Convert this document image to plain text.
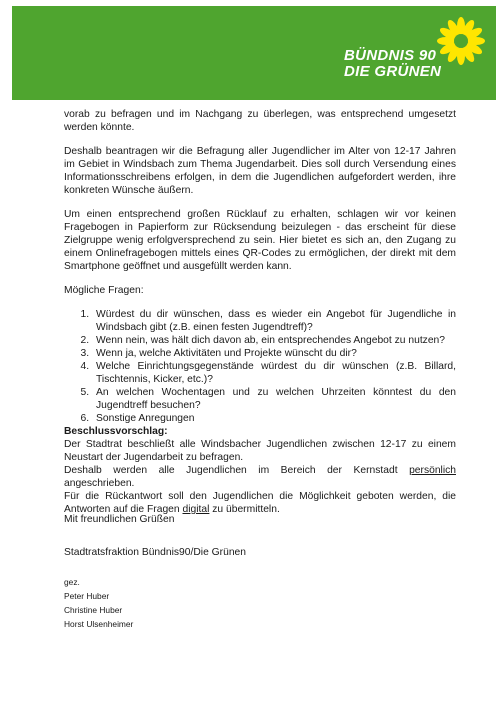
BÜNDNIS 90
DIE GRÜNEN

vorab zu befragen und im Nachgang zu überlegen, was entsprechend umgesetzt werden könnte.

Deshalb beantragen wir die Befragung aller Jugendlicher im Alter von 12-17 Jahren im Gebiet in Windsbach zum Thema Jugendarbeit. Dies soll durch Versendung eines Informationsschreibens erfolgen, in dem die Jugendlichen aufgefordert werden, ihre konkreten Wünsche äußern.

Um einen entsprechend großen Rücklauf zu erhalten, schlagen wir vor keinen Fragebogen in Papierform zur Rücksendung beizulegen - das erscheint für diese Zielgruppe wenig erfolgversprechend zu sein. Hier bietet es sich an, den Zugang zu einem Onlinefragebogen mittels eines QR-Codes zu ermöglichen, der direkt mit dem Smartphone geöffnet und ausgefüllt werden kann.

Mögliche Fragen:

1. Würdest du dir wünschen, dass es wieder ein Angebot für Jugendliche in Windsbach gibt (z.B. einen festen Jugendtreff)?
2. Wenn nein, was hält dich davon ab, ein entsprechendes Angebot zu nutzen?
3. Wenn ja, welche Aktivitäten und Projekte wünscht du dir?
4. Welche Einrichtungsgegenstände würdest du dir wünschen (z.B. Billard, Tischtennis, Kicker, etc.)?
5. An welchen Wochentagen und zu welchen Uhrzeiten könntest du den Jugendtreff besuchen?
6. Sonstige Anregungen

Beschlussvorschlag:

Der Stadtrat beschließt alle Windsbacher Jugendlichen zwischen 12-17 zu einem Neustart der Jugendarbeit zu befragen.

Deshalb werden alle Jugendlichen im Bereich der Kernstadt persönlich angeschrieben.

Für die Rückantwort soll den Jugendlichen die Möglichkeit geboten werden, die Antworten auf die Fragen digital zu übermitteln.

Mit freundlichen Grüßen
Stadtratsfraktion Bündnis90/Die Grünen
gez.
Peter Huber
Christine Huber
Horst Ulsenheimer
